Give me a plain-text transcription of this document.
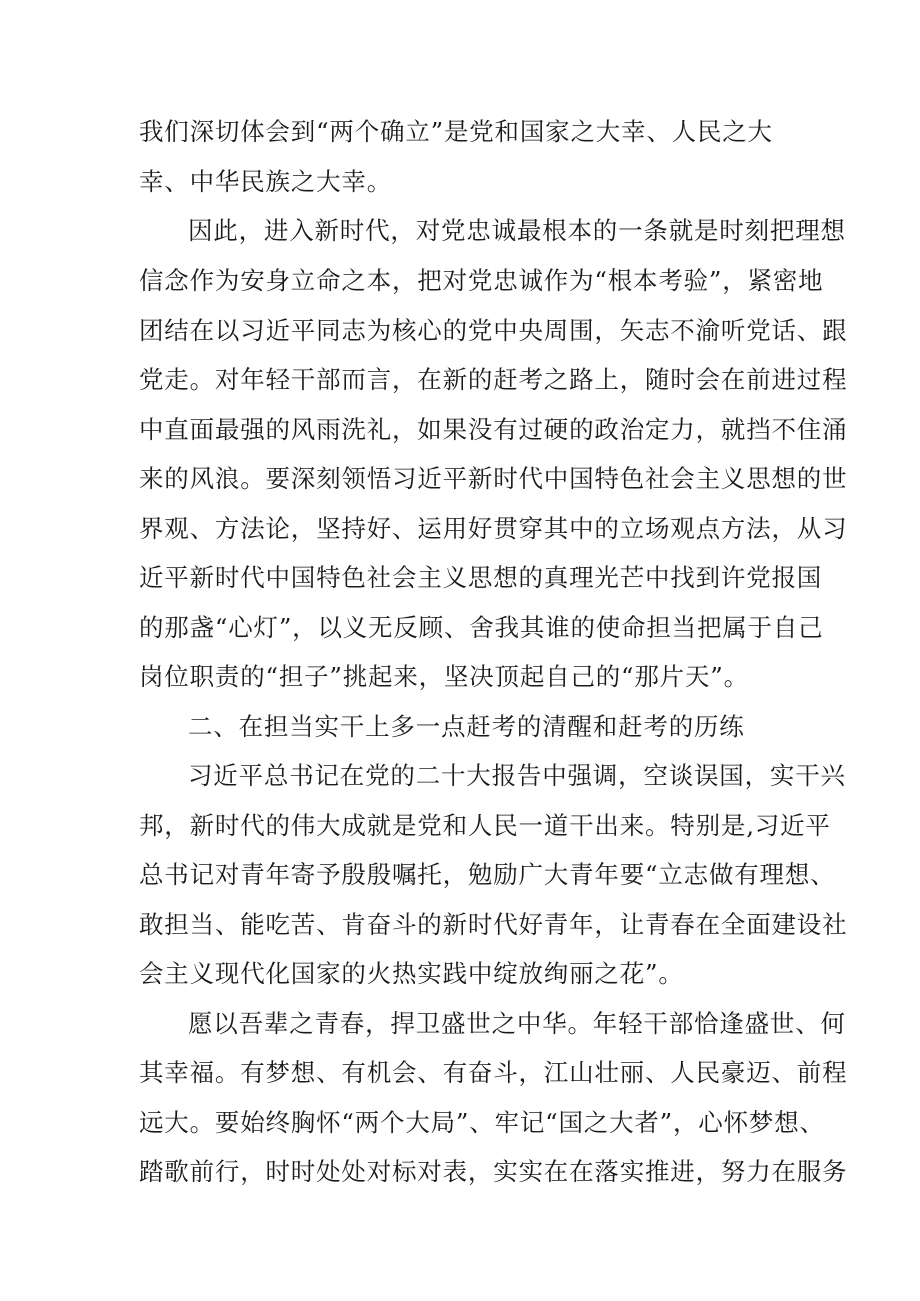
我们深切体会到“两个确立”是党和国家之大幸、人民之大
幸、中华民族之大幸。
因此，进入新时代，对党忠诚最根本的一条就是时刻把理想
信念作为安身立命之本，把对党忠诚作为“根本考验”，紧密地
团结在以习近平同志为核心的党中央周围，矢志不渝听党话、跟
党走。对年轻干部而言，在新的赶考之路上，随时会在前进过程
中直面最强的风雨洗礼，如果没有过硬的政治定力，就挡不住涌
来的风浪。要深刻领悟习近平新时代中国特色社会主义思想的世
界观、方法论，坚持好、运用好贯穿其中的立场观点方法，从习
近平新时代中国特色社会主义思想的真理光芒中找到许党报国
的那盏“心灯”，以义无反顾、舍我其谁的使命担当把属于自己
岗位职责的“担子”挑起来，坚决顶起自己的“那片天”。
二、在担当实干上多一点赶考的清醒和赶考的历练
习近平总书记在党的二十大报告中强调，空谈误国，实干兴
邦，新时代的伟大成就是党和人民一道干出来。特别是,习近平
总书记对青年寄予殷殷嘱托，勉励广大青年要“立志做有理想、
敢担当、能吃苦、肯奋斗的新时代好青年，让青春在全面建设社
会主义现代化国家的火热实践中绽放绚丽之花”。
愿以吾辈之青春，捍卫盛世之中华。年轻干部恰逢盛世、何
其幸福。有梦想、有机会、有奋斗，江山壮丽、人民豪迈、前程
远大。要始终胸怀“两个大局”、牢记“国之大者”，心怀梦想、
踏歌前行，时时处处对标对表，实实在在落实推进，努力在服务
